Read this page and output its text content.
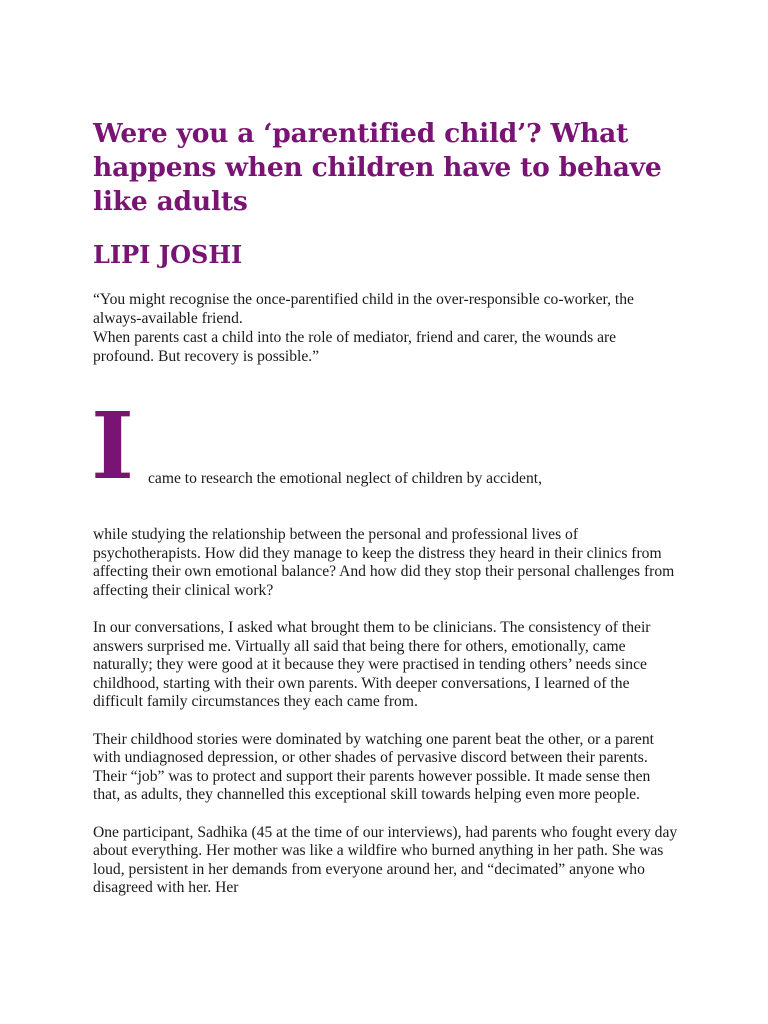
Were you a ‘parentified child’? What happens when children have to behave like adults
LIPI JOSHI

“You might recognise the once-parentified child in the over-responsible co-worker, the always-available friend.

When parents cast a child into the role of mediator, friend and carer, the wounds are profound. But recovery is possible.”

I came to research the emotional neglect of children by accident,

while studying the relationship between the personal and professional lives of psychotherapists. How did they manage to keep the distress they heard in their clinics from affecting their own emotional balance? And how did they stop their personal challenges from affecting their clinical work?

In our conversations, I asked what brought them to be clinicians. The consistency of their answers surprised me. Virtually all said that being there for others, emotionally, came naturally; they were good at it because they were practised in tending others’ needs since childhood, starting with their own parents. With deeper conversations, I learned of the difficult family circumstances they each came from.

Their childhood stories were dominated by watching one parent beat the other, or a parent with undiagnosed depression, or other shades of pervasive discord between their parents. Their “job” was to protect and support their parents however possible. It made sense then that, as adults, they channelled this exceptional skill towards helping even more people.

One participant, Sadhika (45 at the time of our interviews), had parents who fought every day about everything. Her mother was like a wildfire who burned anything in her path. She was loud, persistent in her demands from everyone around her, and “decimated” anyone who disagreed with her. Her
